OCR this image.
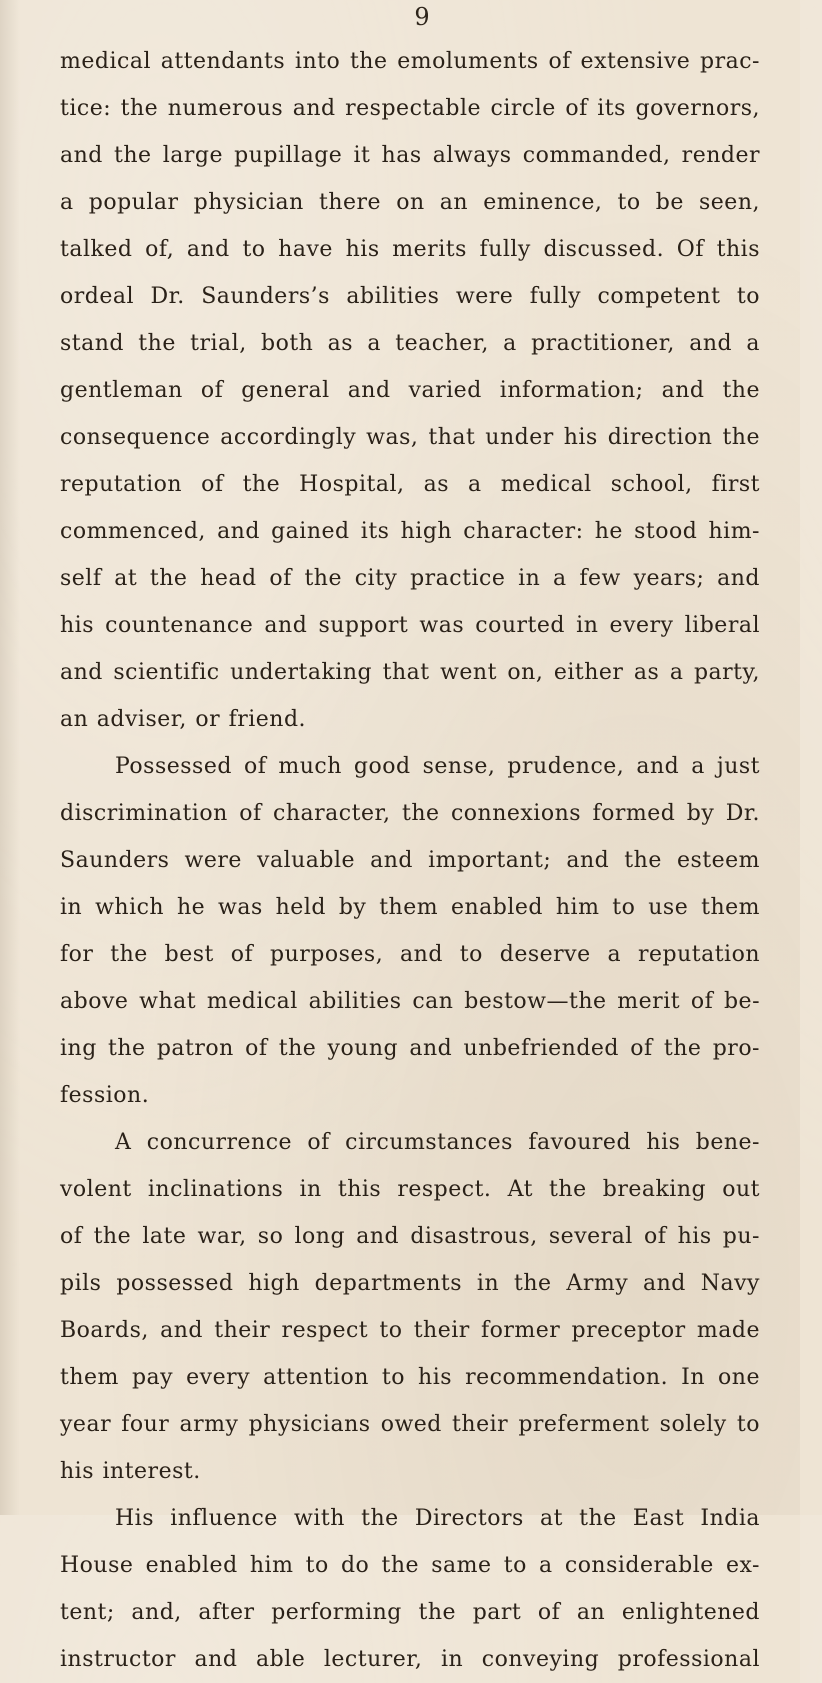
9
medical attendants into the emoluments of extensive prac-
tice: the numerous and respectable circle of its governors,
and the large pupillage it has always commanded, render
a popular physician there on an eminence, to be seen,
talked of, and to have his merits fully discussed. Of this
ordeal Dr. Saunders’s abilities were fully competent to
stand the trial, both as a teacher, a practitioner, and a
gentleman of general and varied information; and the
consequence accordingly was, that under his direction the
reputation of the Hospital, as a medical school, first
commenced, and gained its high character: he stood him-
self at the head of the city practice in a few years; and
his countenance and support was courted in every liberal
and scientific undertaking that went on, either as a party,
an adviser, or friend.
Possessed of much good sense, prudence, and a just
discrimination of character, the connexions formed by Dr.
Saunders were valuable and important; and the esteem
in which he was held by them enabled him to use them
for the best of purposes, and to deserve a reputation
above what medical abilities can bestow—the merit of be-
ing the patron of the young and unbefriended of the pro-
fession.
A concurrence of circumstances favoured his bene-
volent inclinations in this respect. At the breaking out
of the late war, so long and disastrous, several of his pu-
pils possessed high departments in the Army and Navy
Boards, and their respect to their former preceptor made
them pay every attention to his recommendation. In one
year four army physicians owed their preferment solely to
his interest.
His influence with the Directors at the East India
House enabled him to do the same to a considerable ex-
tent; and, after performing the part of an enlightened
instructor and able lecturer, in conveying professional
